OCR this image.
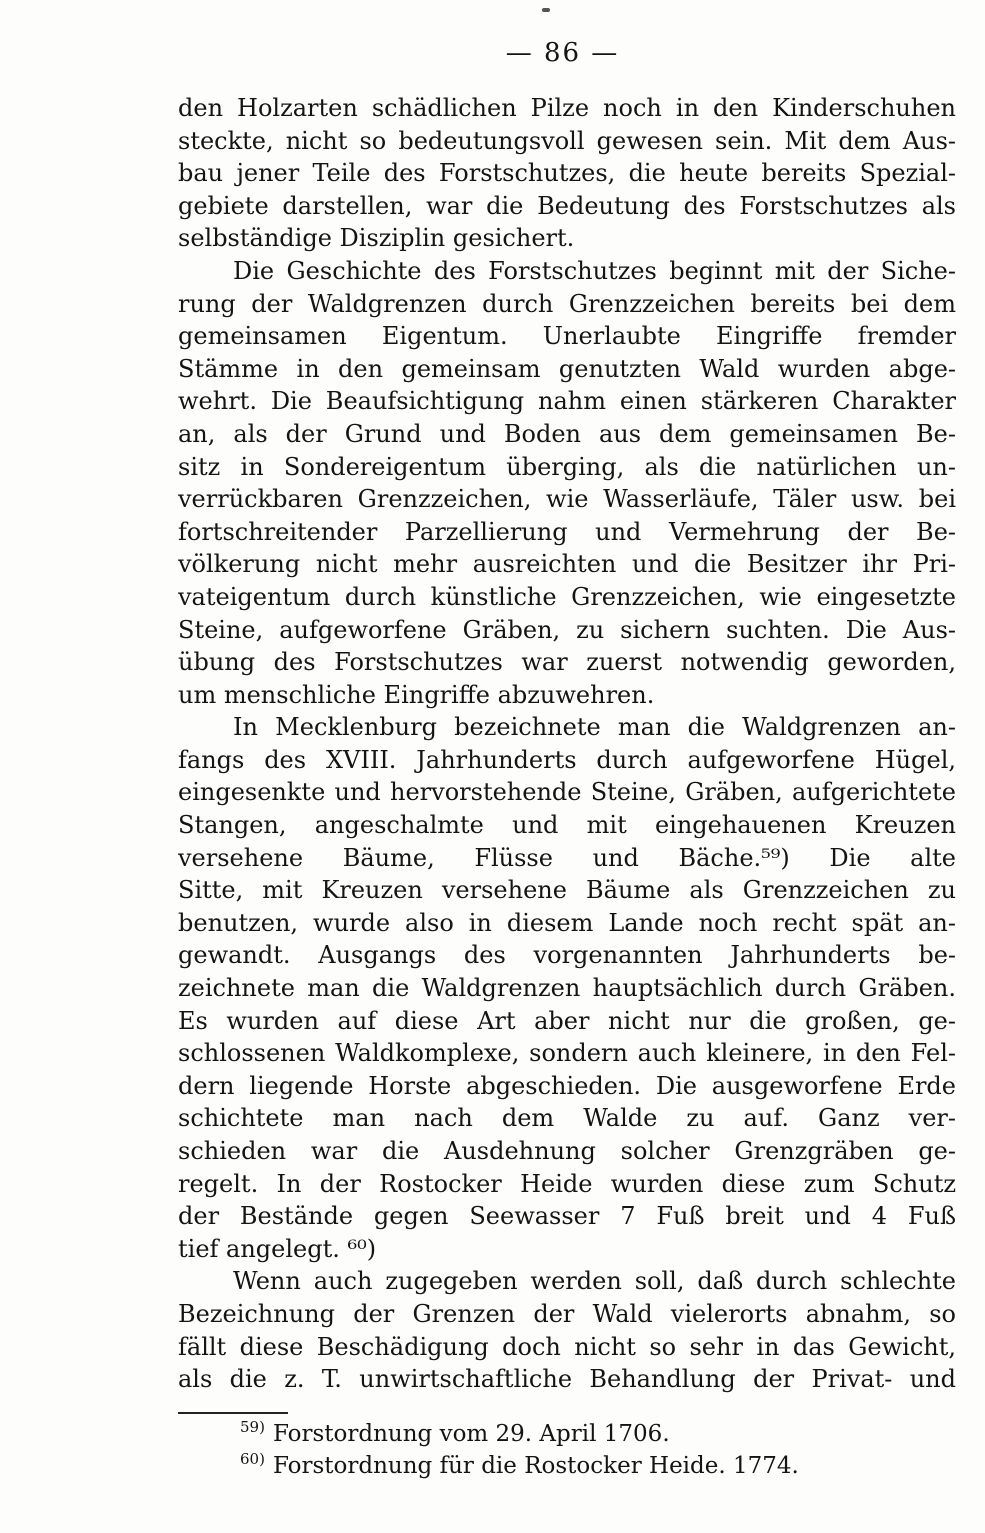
— 86 —
den Holzarten schädlichen Pilze noch in den Kinderschuhen
steckte, nicht so bedeutungsvoll gewesen sein. Mit dem Aus-
bau jener Teile des Forstschutzes, die heute bereits Spezial-
gebiete darstellen, war die Bedeutung des Forstschutzes als
selbständige Disziplin gesichert.
Die Geschichte des Forstschutzes beginnt mit der Siche-
rung der Waldgrenzen durch Grenzzeichen bereits bei dem
gemeinsamen Eigentum. Unerlaubte Eingriffe fremder
Stämme in den gemeinsam genutzten Wald wurden abge-
wehrt. Die Beaufsichtigung nahm einen stärkeren Charakter
an, als der Grund und Boden aus dem gemeinsamen Be-
sitz in Sondereigentum überging, als die natürlichen un-
verrückbaren Grenzzeichen, wie Wasserläufe, Täler usw. bei
fortschreitender Parzellierung und Vermehrung der Be-
völkerung nicht mehr ausreichten und die Besitzer ihr Pri-
vateigentum durch künstliche Grenzzeichen, wie eingesetzte
Steine, aufgeworfene Gräben, zu sichern suchten. Die Aus-
übung des Forstschutzes war zuerst notwendig geworden,
um menschliche Eingriffe abzuwehren.
In Mecklenburg bezeichnete man die Waldgrenzen an-
fangs des XVIII. Jahrhunderts durch aufgeworfene Hügel,
eingesenkte und hervorstehende Steine, Gräben, aufgerichtete
Stangen, angeschalmte und mit eingehauenen Kreuzen
versehene Bäume, Flüsse und Bäche.⁵⁹) Die alte
Sitte, mit Kreuzen versehene Bäume als Grenzzeichen zu
benutzen, wurde also in diesem Lande noch recht spät an-
gewandt. Ausgangs des vorgenannten Jahrhunderts be-
zeichnete man die Waldgrenzen hauptsächlich durch Gräben.
Es wurden auf diese Art aber nicht nur die großen, ge-
schlossenen Waldkomplexe, sondern auch kleinere, in den Fel-
dern liegende Horste abgeschieden. Die ausgeworfene Erde
schichtete man nach dem Walde zu auf. Ganz ver-
schieden war die Ausdehnung solcher Grenzgräben ge-
regelt. In der Rostocker Heide wurden diese zum Schutz
der Bestände gegen Seewasser 7 Fuß breit und 4 Fuß
tief angelegt. ⁶⁰)
Wenn auch zugegeben werden soll, daß durch schlechte
Bezeichnung der Grenzen der Wald vielerorts abnahm, so
fällt diese Beschädigung doch nicht so sehr in das Gewicht,
als die z. T. unwirtschaftliche Behandlung der Privat- und
$^{59)}$ Forstordnung vom 29. April 1706.
$^{60)}$ Forstordnung für die Rostocker Heide. 1774.
